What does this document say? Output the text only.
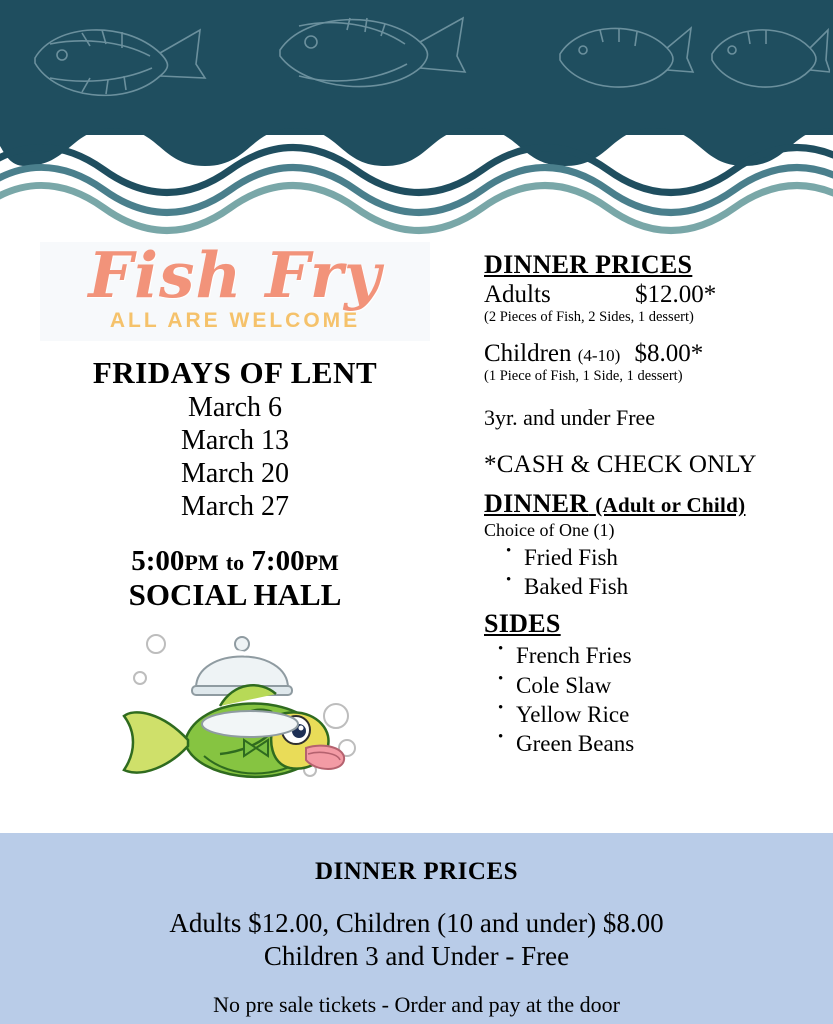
Fish Fry
ALL ARE WELCOME
FRIDAYS OF LENT
March 6
March 13
March 20
March 27
5:00PM to 7:00PM
SOCIAL HALL
DINNER PRICES
Adults	$12.00*
(2 Pieces of Fish, 2 Sides, 1 dessert)
Children (4-10) $8.00*
(1 Piece of Fish, 1 Side, 1 dessert)
3yr. and under Free
*CASH & CHECK ONLY
DINNER (Adult or Child)
Choice of One (1)
• Fried Fish
• Baked Fish
SIDES
• French Fries
• Cole Slaw
• Yellow Rice
• Green Beans
DINNER PRICES
Adults $12.00, Children (10 and under) $8.00
Children 3 and Under - Free
No pre sale tickets - Order and pay at the door
